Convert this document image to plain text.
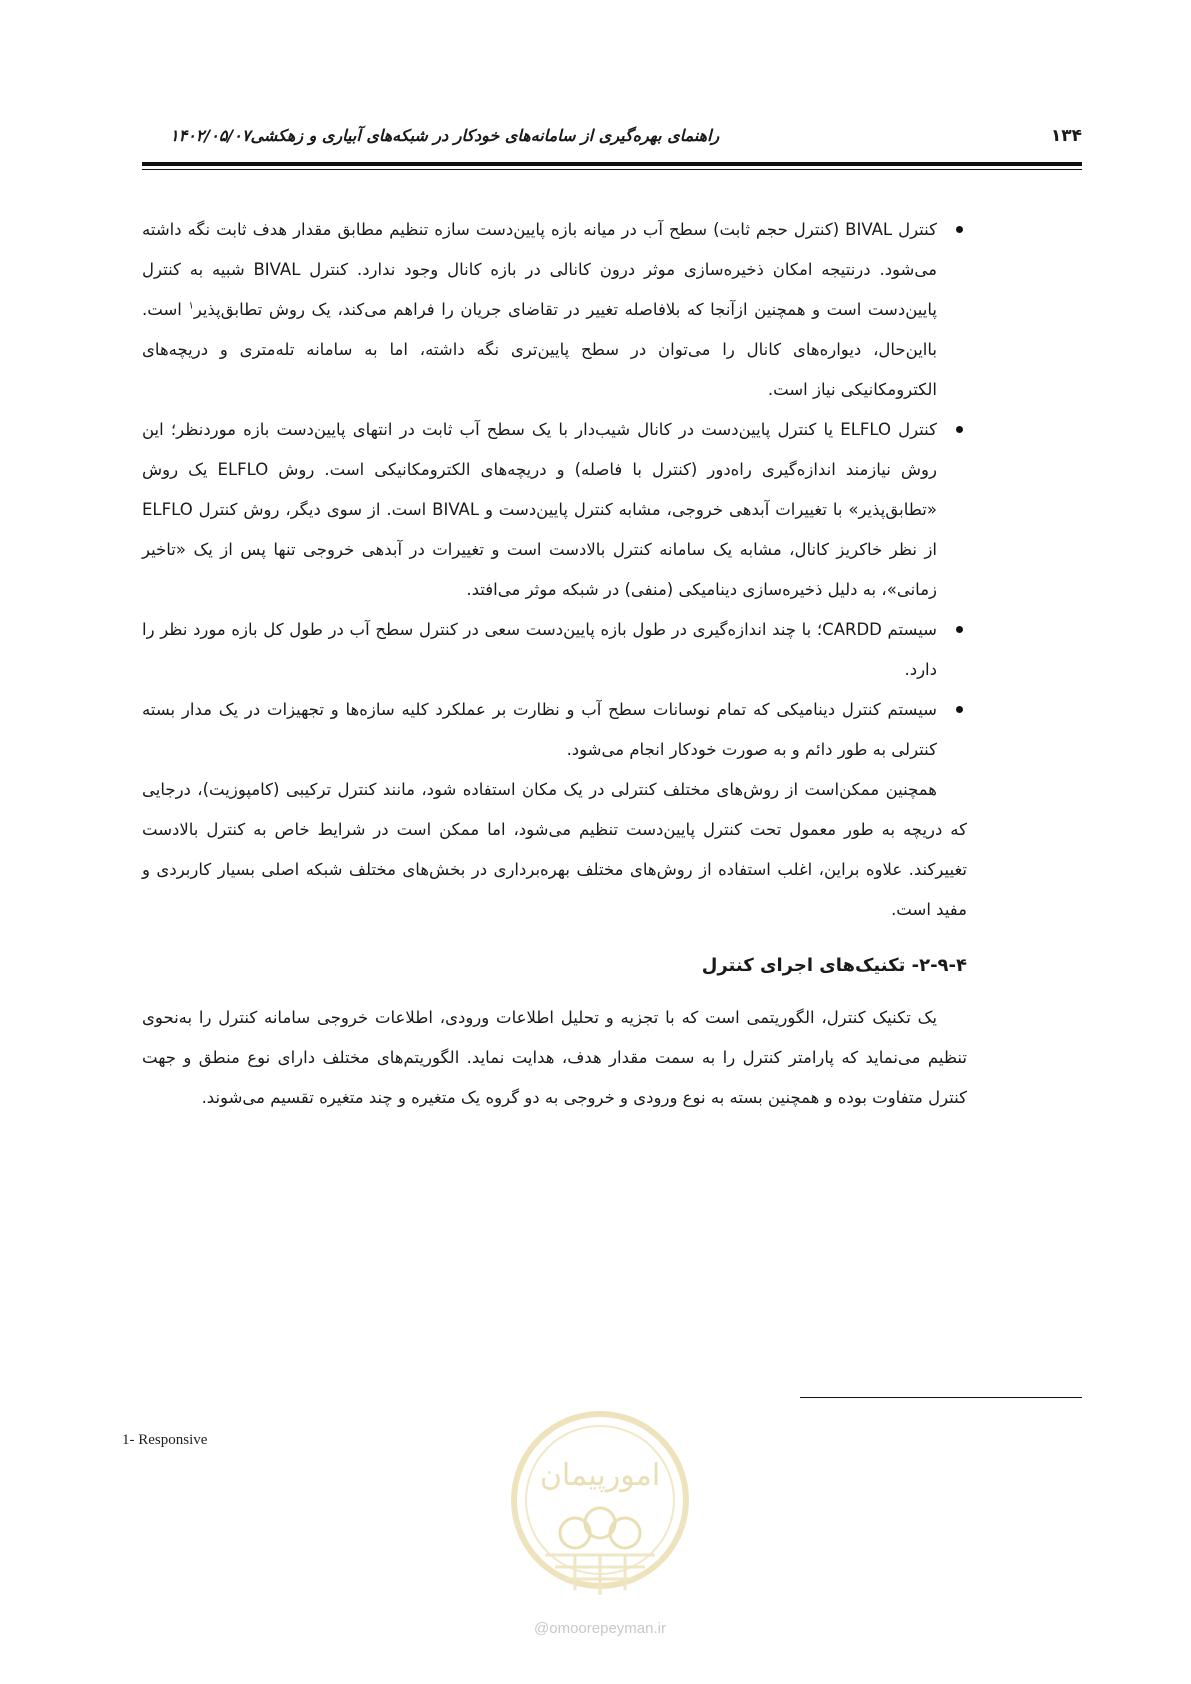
۱۳۴
راهنمای بهره‌گیری از سامانه‌های خودکار در شبکه‌های آبیاری و زهکشی۱۴۰۲/۰۵/۰۷
کنترل BIVAL (کنترل حجم ثابت) سطح آب در میانه بازه پایین‌دست سازه تنظیم مطابق مقدار هدف ثابت نگه داشته می‌شود. درنتیجه امکان ذخیره‌سازی موثر درون کانالی در بازه کانال وجود ندارد. کنترل BIVAL شبیه به کنترل پایین‌دست است و همچنین ازآنجا که بلافاصله تغییر در تقاضای جریان را فراهم می‌کند، یک روش تطابق‌پذیر$^۱$ است. بااین‌حال، دیواره‌های کانال را می‌توان در سطح پایین‌تری نگه داشته، اما به سامانه تله‌متری و دریچه‌های الکترومکانیکی نیاز است.
کنترل ELFLO یا کنترل پایین‌دست در کانال شیب‌دار با یک سطح آب ثابت در انتهای پایین‌دست بازه موردنظر؛ این روش نیازمند اندازه‌گیری راه‌دور (کنترل با فاصله) و دریچه‌های الکترومکانیکی است. روش ELFLO یک روش «تطابق‌پذیر» با تغییرات آبدهی خروجی، مشابه کنترل پایین‌دست و BIVAL است. از سوی دیگر، روش کنترل ELFLO از نظر خاکریز کانال، مشابه یک سامانه کنترل بالادست است و تغییرات در آبدهی خروجی تنها پس از یک «تاخیر زمانی»، به دلیل ذخیره‌سازی دینامیکی (منفی) در شبکه موثر می‌افتد.
سیستم CARDD؛ با چند اندازه‌گیری در طول بازه پایین‌دست سعی در کنترل سطح آب در طول کل بازه مورد نظر را دارد.
سیستم کنترل دینامیکی که تمام نوسانات سطح آب و نظارت بر عملکرد کلیه سازه‌ها و تجهیزات در یک مدار بسته کنترلی به طور دائم و به صورت خودکار انجام می‌شود.

همچنین ممکن‌است از روش‌های مختلف کنترلی در یک مکان استفاده شود، مانند کنترل ترکیبی (کامپوزیت)، درجایی که دریچه به طور معمول تحت کنترل پایین‌دست تنظیم می‌شود، اما ممکن است در شرایط خاص به کنترل بالادست تغییرکند. علاوه براین، اغلب استفاده از روش‌های مختلف بهره‌برداری در بخش‌های مختلف شبکه اصلی بسیار کاربردی و مفید است.

۲-۹-۴- تکنیک‌های اجرای کنترل

یک تکنیک کنترل، الگوریتمی است که با تجزیه و تحلیل اطلاعات ورودی، اطلاعات خروجی سامانه کنترل را به‌نحوی تنظیم می‌نماید که پارامتر کنترل را به سمت مقدار هدف، هدایت نماید. الگوریتم‌های مختلف دارای نوع منطق و جهت کنترل متفاوت بوده و همچنین بسته به نوع ورودی و خروجی به دو گروه یک متغیره و چند متغیره تقسیم می‌شوند.

1- Responsive
امورپیمان
@omoorepeyman.ir
